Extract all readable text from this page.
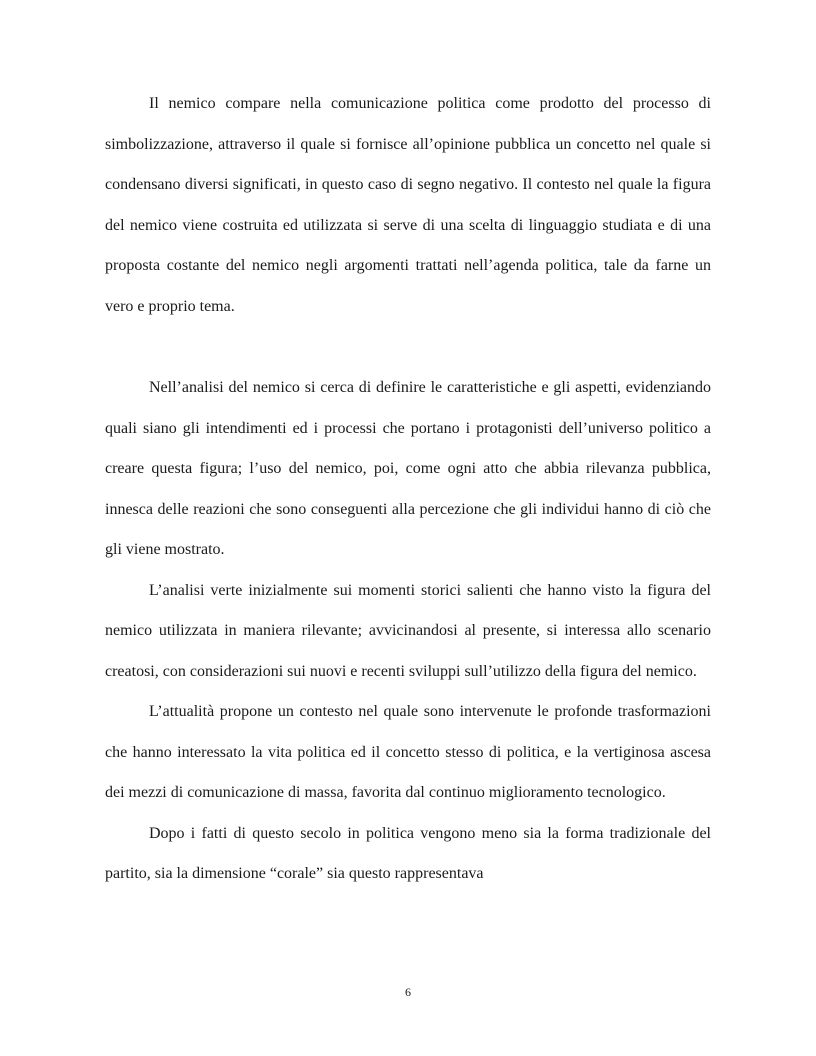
Il nemico compare nella comunicazione politica come prodotto del processo di simbolizzazione, attraverso il quale si fornisce all’opinione pubblica un concetto nel quale si condensano diversi significati, in questo caso di segno negativo. Il contesto nel quale la figura del nemico viene costruita ed utilizzata si serve di una scelta di linguaggio studiata e di una proposta costante del nemico negli argomenti trattati nell’agenda politica, tale da farne un vero e proprio tema.

Nell’analisi del nemico si cerca di definire le caratteristiche e gli aspetti, evidenziando quali siano gli intendimenti ed i processi che portano i protagonisti dell’universo politico a creare questa figura; l’uso del nemico, poi, come ogni atto che abbia rilevanza pubblica, innesca delle reazioni che sono conseguenti alla percezione che gli individui hanno di ciò che gli viene mostrato.

L’analisi verte inizialmente sui momenti storici salienti che hanno visto la figura del nemico utilizzata in maniera rilevante; avvicinandosi al presente, si interessa allo scenario creatosi, con considerazioni sui nuovi e recenti sviluppi sull’utilizzo della figura del nemico.

L’attualità propone un contesto nel quale sono intervenute le profonde trasformazioni che hanno interessato la vita politica ed il concetto stesso di politica, e la vertiginosa ascesa dei mezzi di comunicazione di massa, favorita dal continuo miglioramento tecnologico.

Dopo i fatti di questo secolo in politica vengono meno sia la forma tradizionale del partito, sia la dimensione “corale” sia questo rappresentava

6
